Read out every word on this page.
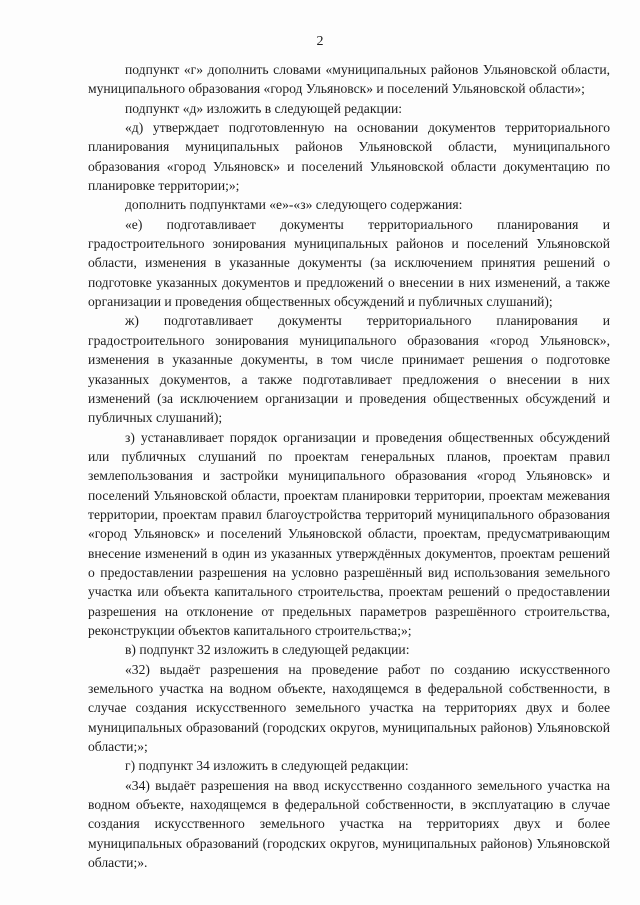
2

подпункт «г» дополнить словами «муниципальных районов Ульяновской области, муниципального образования «город Ульяновск» и поселений Ульяновской области»;

подпункт «д» изложить в следующей редакции:

«д) утверждает подготовленную на основании документов территориального планирования муниципальных районов Ульяновской области, муниципального образования «город Ульяновск» и поселений Ульяновской области документацию по планировке территории;»;

дополнить подпунктами «е»-«з» следующего содержания:

«е) подготавливает документы территориального планирования и градостроительного зонирования муниципальных районов и поселений Ульяновской области, изменения в указанные документы (за исключением принятия решений о подготовке указанных документов и предложений о внесении в них изменений, а также организации и проведения общественных обсуждений и публичных слушаний);

ж) подготавливает документы территориального планирования и градостроительного зонирования муниципального образования «город Ульяновск», изменения в указанные документы, в том числе принимает решения о подготовке указанных документов, а также подготавливает предложения о внесении в них изменений (за исключением организации и проведения общественных обсуждений и публичных слушаний);

з) устанавливает порядок организации и проведения общественных обсуждений или публичных слушаний по проектам генеральных планов, проектам правил землепользования и застройки муниципального образования «город Ульяновск» и поселений Ульяновской области, проектам планировки территории, проектам межевания территории, проектам правил благоустройства территорий муниципального образования «город Ульяновск» и поселений Ульяновской области, проектам, предусматривающим внесение изменений в один из указанных утверждённых документов, проектам решений о предоставлении разрешения на условно разрешённый вид использования земельного участка или объекта капитального строительства, проектам решений о предоставлении разрешения на отклонение от предельных параметров разрешённого строительства, реконструкции объектов капитального строительства;»;

в) подпункт 32 изложить в следующей редакции:

«32) выдаёт разрешения на проведение работ по созданию искусственного земельного участка на водном объекте, находящемся в федеральной собственности, в случае создания искусственного земельного участка на территориях двух и более муниципальных образований (городских округов, муниципальных районов) Ульяновской области;»;

г) подпункт 34 изложить в следующей редакции:

«34) выдаёт разрешения на ввод искусственно созданного земельного участка на водном объекте, находящемся в федеральной собственности, в эксплуатацию в случае создания искусственного земельного участка на территориях двух и более муниципальных образований (городских округов, муниципальных районов) Ульяновской области;».
